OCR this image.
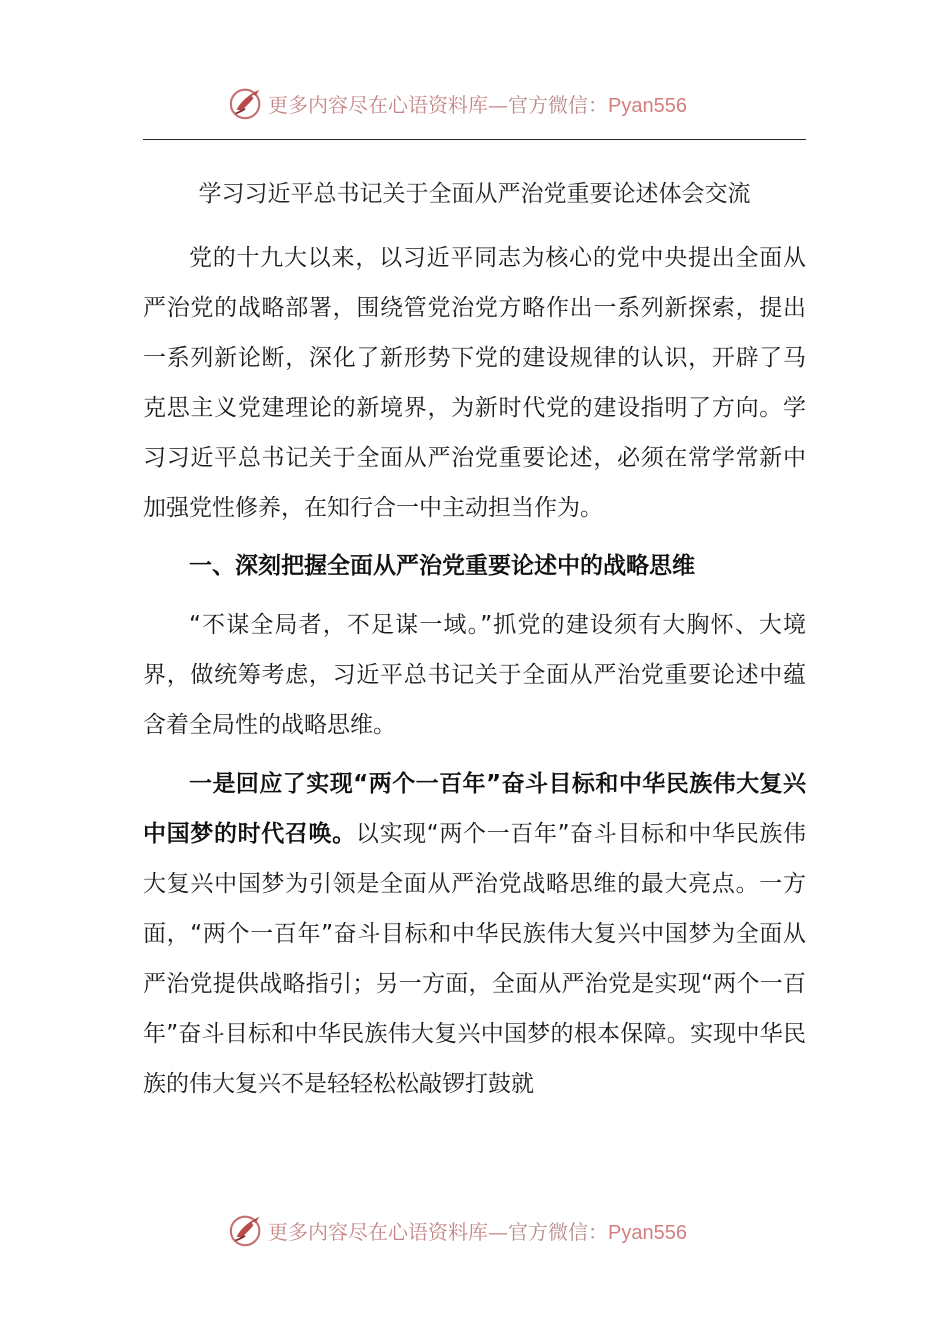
更多内容尽在心语资料库—官方微信：Pyan556
学习习近平总书记关于全面从严治党重要论述体会交流

党的十九大以来，以习近平同志为核心的党中央提出全面从严治党的战略部署，围绕管党治党方略作出一系列新探索，提出一系列新论断，深化了新形势下党的建设规律的认识，开辟了马克思主义党建理论的新境界，为新时代党的建设指明了方向。学习习近平总书记关于全面从严治党重要论述，必须在常学常新中加强党性修养，在知行合一中主动担当作为。

一、深刻把握全面从严治党重要论述中的战略思维

“不谋全局者，不足谋一域。”抓党的建设须有大胸怀、大境界，做统筹考虑，习近平总书记关于全面从严治党重要论述中蕴含着全局性的战略思维。

一是回应了实现“两个一百年”奋斗目标和中华民族伟大复兴中国梦的时代召唤。以实现“两个一百年”奋斗目标和中华民族伟大复兴中国梦为引领是全面从严治党战略思维的最大亮点。一方面，“两个一百年”奋斗目标和中华民族伟大复兴中国梦为全面从严治党提供战略指引；另一方面，全面从严治党是实现“两个一百年”奋斗目标和中华民族伟大复兴中国梦的根本保障。实现中华民族的伟大复兴不是轻轻松松敲锣打鼓就

更多内容尽在心语资料库—官方微信：Pyan556
